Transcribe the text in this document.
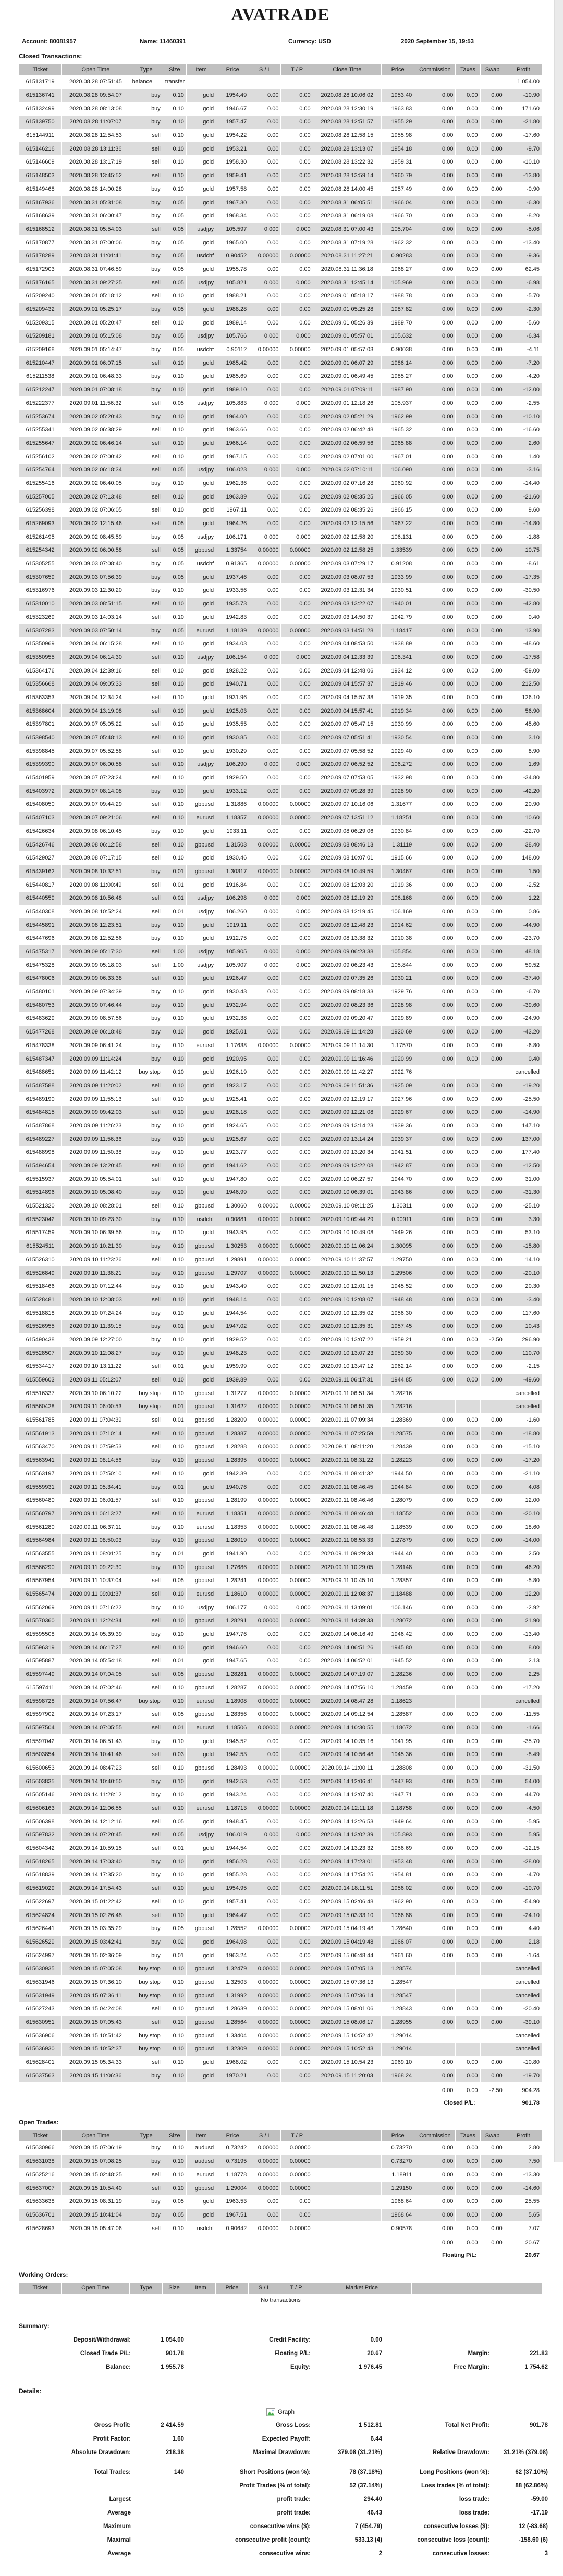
AVATRADE
Account: 80081957	Name: 11460391	Currency: USD	2020 September 15, 19:53
Closed Transactions:
Ticket	Open Time	Type	Size	Item	Price	S / L	T / P	Close Time	Price	Commission	Taxes	Swap	Profit
615131719	2020.08.28 07:51:45	balance	transfer										1 054.00
615136741	2020.08.28 09:54:07	buy	0.10	gold	1954.49	0.00	0.00	2020.08.28 10:06:02	1953.40	0.00	0.00	0.00	-10.90
615132499	2020.08.28 08:13:08	buy	0.10	gold	1946.67	0.00	0.00	2020.08.28 12:30:19	1963.83	0.00	0.00	0.00	171.60
615139750	2020.08.28 11:07:07	buy	0.10	gold	1957.47	0.00	0.00	2020.08.28 12:51:57	1955.29	0.00	0.00	0.00	-21.80
615144911	2020.08.28 12:54:53	sell	0.10	gold	1954.22	0.00	0.00	2020.08.28 12:58:15	1955.98	0.00	0.00	0.00	-17.60
615146216	2020.08.28 13:11:36	sell	0.10	gold	1953.21	0.00	0.00	2020.08.28 13:13:07	1954.18	0.00	0.00	0.00	-9.70
615146609	2020.08.28 13:17:19	sell	0.10	gold	1958.30	0.00	0.00	2020.08.28 13:22:32	1959.31	0.00	0.00	0.00	-10.10
615148503	2020.08.28 13:45:52	sell	0.10	gold	1959.41	0.00	0.00	2020.08.28 13:59:14	1960.79	0.00	0.00	0.00	-13.80
615149468	2020.08.28 14:00:28	buy	0.10	gold	1957.58	0.00	0.00	2020.08.28 14:00:45	1957.49	0.00	0.00	0.00	-0.90
615167936	2020.08.31 05:31:08	buy	0.05	gold	1967.30	0.00	0.00	2020.08.31 06:05:51	1966.04	0.00	0.00	0.00	-6.30
615168639	2020.08.31 06:00:47	buy	0.05	gold	1968.34	0.00	0.00	2020.08.31 06:19:08	1966.70	0.00	0.00	0.00	-8.20
615168512	2020.08.31 05:54:03	sell	0.05	usdjpy	105.597	0.000	0.000	2020.08.31 07:00:43	105.704	0.00	0.00	0.00	-5.06
615170877	2020.08.31 07:00:06	buy	0.05	gold	1965.00	0.00	0.00	2020.08.31 07:19:28	1962.32	0.00	0.00	0.00	-13.40
615178289	2020.08.31 11:01:41	buy	0.05	usdchf	0.90452	0.00000	0.00000	2020.08.31 11:27:21	0.90283	0.00	0.00	0.00	-9.36
615172903	2020.08.31 07:46:59	buy	0.05	gold	1955.78	0.00	0.00	2020.08.31 11:36:18	1968.27	0.00	0.00	0.00	62.45
615176165	2020.08.31 09:27:25	sell	0.05	usdjpy	105.821	0.000	0.000	2020.08.31 12:45:14	105.969	0.00	0.00	0.00	-6.98
615209240	2020.09.01 05:18:12	sell	0.10	gold	1988.21	0.00	0.00	2020.09.01 05:18:17	1988.78	0.00	0.00	0.00	-5.70
615209432	2020.09.01 05:25:17	buy	0.05	gold	1988.28	0.00	0.00	2020.09.01 05:25:28	1987.82	0.00	0.00	0.00	-2.30
615209315	2020.09.01 05:20:47	sell	0.10	gold	1989.14	0.00	0.00	2020.09.01 05:26:39	1989.70	0.00	0.00	0.00	-5.60
615209181	2020.09.01 05:15:08	buy	0.05	usdjpy	105.766	0.000	0.000	2020.09.01 05:57:01	105.632	0.00	0.00	0.00	-6.34
615209168	2020.09.01 05:14:47	buy	0.05	usdchf	0.90112	0.00000	0.00000	2020.09.01 05:57:03	0.90038	0.00	0.00	0.00	-4.11
615210447	2020.09.01 06:07:15	sell	0.10	gold	1985.42	0.00	0.00	2020.09.01 06:07:29	1986.14	0.00	0.00	0.00	-7.20
615211538	2020.09.01 06:48:33	buy	0.10	gold	1985.69	0.00	0.00	2020.09.01 06:49:45	1985.27	0.00	0.00	0.00	-4.20
615212247	2020.09.01 07:08:18	buy	0.10	gold	1989.10	0.00	0.00	2020.09.01 07:09:11	1987.90	0.00	0.00	0.00	-12.00
615222377	2020.09.01 11:56:32	sell	0.05	usdjpy	105.883	0.000	0.000	2020.09.01 12:18:26	105.937	0.00	0.00	0.00	-2.55
615253674	2020.09.02 05:20:43	buy	0.10	gold	1964.00	0.00	0.00	2020.09.02 05:21:29	1962.99	0.00	0.00	0.00	-10.10
615255341	2020.09.02 06:38:29	sell	0.10	gold	1963.66	0.00	0.00	2020.09.02 06:42:48	1965.32	0.00	0.00	0.00	-16.60
615255647	2020.09.02 06:46:14	sell	0.10	gold	1966.14	0.00	0.00	2020.09.02 06:59:56	1965.88	0.00	0.00	0.00	2.60
615256102	2020.09.02 07:00:42	sell	0.10	gold	1967.15	0.00	0.00	2020.09.02 07:01:00	1967.01	0.00	0.00	0.00	1.40
615254764	2020.09.02 06:18:34	sell	0.05	usdjpy	106.023	0.000	0.000	2020.09.02 07:10:11	106.090	0.00	0.00	0.00	-3.16
615255416	2020.09.02 06:40:05	buy	0.10	gold	1962.36	0.00	0.00	2020.09.02 07:16:28	1960.92	0.00	0.00	0.00	-14.40
615257005	2020.09.02 07:13:48	sell	0.10	gold	1963.89	0.00	0.00	2020.09.02 08:35:25	1966.05	0.00	0.00	0.00	-21.60
615256398	2020.09.02 07:06:05	sell	0.10	gold	1967.11	0.00	0.00	2020.09.02 08:35:26	1966.15	0.00	0.00	0.00	9.60
615269093	2020.09.02 12:15:46	sell	0.05	gold	1964.26	0.00	0.00	2020.09.02 12:15:56	1967.22	0.00	0.00	0.00	-14.80
615261495	2020.09.02 08:45:59	buy	0.05	usdjpy	106.171	0.000	0.000	2020.09.02 12:58:20	106.131	0.00	0.00	0.00	-1.88
615254342	2020.09.02 06:00:58	sell	0.05	gbpusd	1.33754	0.00000	0.00000	2020.09.02 12:58:25	1.33539	0.00	0.00	0.00	10.75
615305255	2020.09.03 07:08:40	buy	0.05	usdchf	0.91365	0.00000	0.00000	2020.09.03 07:29:17	0.91208	0.00	0.00	0.00	-8.61
615307659	2020.09.03 07:56:39	buy	0.05	gold	1937.46	0.00	0.00	2020.09.03 08:07:53	1933.99	0.00	0.00	0.00	-17.35
615316976	2020.09.03 12:30:20	buy	0.10	gold	1933.56	0.00	0.00	2020.09.03 12:31:34	1930.51	0.00	0.00	0.00	-30.50
615310010	2020.09.03 08:51:15	sell	0.10	gold	1935.73	0.00	0.00	2020.09.03 13:22:07	1940.01	0.00	0.00	0.00	-42.80
615323269	2020.09.03 14:03:14	sell	0.10	gold	1942.83	0.00	0.00	2020.09.03 14:50:37	1942.79	0.00	0.00	0.00	0.40
615307283	2020.09.03 07:50:14	buy	0.05	eurusd	1.18139	0.00000	0.00000	2020.09.03 14:51:28	1.18417	0.00	0.00	0.00	13.90
615350969	2020.09.04 06:15:28	sell	0.10	gold	1934.03	0.00	0.00	2020.09.04 08:53:50	1938.89	0.00	0.00	0.00	-48.60
615350955	2020.09.04 06:14:30	sell	0.10	usdjpy	106.154	0.000	0.000	2020.09.04 12:33:39	106.341	0.00	0.00	0.00	-17.58
615364176	2020.09.04 12:39:16	sell	0.10	gold	1928.22	0.00	0.00	2020.09.04 12:48:06	1934.12	0.00	0.00	0.00	-59.00
615356668	2020.09.04 09:05:33	sell	0.10	gold	1940.71	0.00	0.00	2020.09.04 15:57:37	1919.46	0.00	0.00	0.00	212.50
615363353	2020.09.04 12:34:24	sell	0.10	gold	1931.96	0.00	0.00	2020.09.04 15:57:38	1919.35	0.00	0.00	0.00	126.10
615368604	2020.09.04 13:19:08	sell	0.10	gold	1925.03	0.00	0.00	2020.09.04 15:57:41	1919.34	0.00	0.00	0.00	56.90
615397801	2020.09.07 05:05:22	sell	0.10	gold	1935.55	0.00	0.00	2020.09.07 05:47:15	1930.99	0.00	0.00	0.00	45.60
615398540	2020.09.07 05:48:13	sell	0.10	gold	1930.85	0.00	0.00	2020.09.07 05:51:41	1930.54	0.00	0.00	0.00	3.10
615398845	2020.09.07 05:52:58	sell	0.10	gold	1930.29	0.00	0.00	2020.09.07 05:58:52	1929.40	0.00	0.00	0.00	8.90
615399390	2020.09.07 06:00:58	sell	0.10	usdjpy	106.290	0.000	0.000	2020.09.07 06:52:52	106.272	0.00	0.00	0.00	1.69
615401959	2020.09.07 07:23:24	sell	0.10	gold	1929.50	0.00	0.00	2020.09.07 07:53:05	1932.98	0.00	0.00	0.00	-34.80
615403972	2020.09.07 08:14:08	buy	0.10	gold	1933.12	0.00	0.00	2020.09.07 09:28:39	1928.90	0.00	0.00	0.00	-42.20
615408050	2020.09.07 09:44:29	sell	0.10	gbpusd	1.31886	0.00000	0.00000	2020.09.07 10:16:06	1.31677	0.00	0.00	0.00	20.90
615407103	2020.09.07 09:21:06	sell	0.10	eurusd	1.18357	0.00000	0.00000	2020.09.07 13:51:12	1.18251	0.00	0.00	0.00	10.60
615426634	2020.09.08 06:10:45	buy	0.10	gold	1933.11	0.00	0.00	2020.09.08 06:29:06	1930.84	0.00	0.00	0.00	-22.70
615426746	2020.09.08 06:12:58	sell	0.10	gbpusd	1.31503	0.00000	0.00000	2020.09.08 08:46:13	1.31119	0.00	0.00	0.00	38.40
615429027	2020.09.08 07:17:15	sell	0.10	gold	1930.46	0.00	0.00	2020.09.08 10:07:01	1915.66	0.00	0.00	0.00	148.00
615439162	2020.09.08 10:32:51	buy	0.01	gbpusd	1.30317	0.00000	0.00000	2020.09.08 10:49:59	1.30467	0.00	0.00	0.00	1.50
615440817	2020.09.08 11:00:49	sell	0.01	gold	1916.84	0.00	0.00	2020.09.08 12:03:20	1919.36	0.00	0.00	0.00	-2.52
615440559	2020.09.08 10:56:48	sell	0.01	usdjpy	106.298	0.000	0.000	2020.09.08 12:19:29	106.168	0.00	0.00	0.00	1.22
615440308	2020.09.08 10:52:24	sell	0.01	usdjpy	106.260	0.000	0.000	2020.09.08 12:19:45	106.169	0.00	0.00	0.00	0.86
615445891	2020.09.08 12:23:51	buy	0.10	gold	1919.11	0.00	0.00	2020.09.08 12:48:23	1914.62	0.00	0.00	0.00	-44.90
615447696	2020.09.08 12:52:56	buy	0.10	gold	1912.75	0.00	0.00	2020.09.08 13:38:32	1910.38	0.00	0.00	0.00	-23.70
615475317	2020.09.09 05:17:30	sell	1.00	usdjpy	105.905	0.000	0.000	2020.09.09 06:23:38	105.854	0.00	0.00	0.00	48.18
615475328	2020.09.09 05:18:03	sell	1.00	usdjpy	105.907	0.000	0.000	2020.09.09 06:23:43	105.844	0.00	0.00	0.00	59.52
615478006	2020.09.09 06:33:38	sell	0.10	gold	1926.47	0.00	0.00	2020.09.09 07:35:26	1930.21	0.00	0.00	0.00	-37.40
615480101	2020.09.09 07:34:39	buy	0.10	gold	1930.43	0.00	0.00	2020.09.09 08:18:33	1929.76	0.00	0.00	0.00	-6.70
615480753	2020.09.09 07:46:44	buy	0.10	gold	1932.94	0.00	0.00	2020.09.09 08:23:36	1928.98	0.00	0.00	0.00	-39.60
615483629	2020.09.09 08:57:56	buy	0.10	gold	1932.38	0.00	0.00	2020.09.09 09:20:47	1929.89	0.00	0.00	0.00	-24.90
615477268	2020.09.09 06:18:48	buy	0.10	gold	1925.01	0.00	0.00	2020.09.09 11:14:28	1920.69	0.00	0.00	0.00	-43.20
615478338	2020.09.09 06:41:24	buy	0.10	eurusd	1.17638	0.00000	0.00000	2020.09.09 11:14:30	1.17570	0.00	0.00	0.00	-6.80
615487347	2020.09.09 11:14:24	buy	0.10	gold	1920.95	0.00	0.00	2020.09.09 11:16:46	1920.99	0.00	0.00	0.00	0.40
615488651	2020.09.09 11:42:12	buy stop	0.10	gold	1926.19	0.00	0.00	2020.09.09 11:42:27	1922.76				cancelled
615487588	2020.09.09 11:20:02	sell	0.10	gold	1923.17	0.00	0.00	2020.09.09 11:51:36	1925.09	0.00	0.00	0.00	-19.20
615489190	2020.09.09 11:55:13	sell	0.10	gold	1925.41	0.00	0.00	2020.09.09 12:19:17	1927.96	0.00	0.00	0.00	-25.50
615484815	2020.09.09 09:42:03	sell	0.10	gold	1928.18	0.00	0.00	2020.09.09 12:21:08	1929.67	0.00	0.00	0.00	-14.90
615487868	2020.09.09 11:26:23	buy	0.10	gold	1924.65	0.00	0.00	2020.09.09 13:14:23	1939.36	0.00	0.00	0.00	147.10
615489227	2020.09.09 11:56:36	buy	0.10	gold	1925.67	0.00	0.00	2020.09.09 13:14:24	1939.37	0.00	0.00	0.00	137.00
615488998	2020.09.09 11:50:38	buy	0.10	gold	1923.77	0.00	0.00	2020.09.09 13:20:34	1941.51	0.00	0.00	0.00	177.40
615494654	2020.09.09 13:20:45	sell	0.10	gold	1941.62	0.00	0.00	2020.09.09 13:22:08	1942.87	0.00	0.00	0.00	-12.50
615515937	2020.09.10 05:54:01	sell	0.10	gold	1947.80	0.00	0.00	2020.09.10 06:27:57	1944.70	0.00	0.00	0.00	31.00
615514896	2020.09.10 05:08:40	buy	0.10	gold	1946.99	0.00	0.00	2020.09.10 06:39:01	1943.86	0.00	0.00	0.00	-31.30
615521320	2020.09.10 08:28:01	sell	0.10	gbpusd	1.30060	0.00000	0.00000	2020.09.10 09:11:25	1.30311	0.00	0.00	0.00	-25.10
615523042	2020.09.10 09:23:30	buy	0.10	usdchf	0.90881	0.00000	0.00000	2020.09.10 09:44:29	0.90911	0.00	0.00	0.00	3.30
615517459	2020.09.10 06:39:56	buy	0.10	gold	1943.95	0.00	0.00	2020.09.10 10:49:08	1949.26	0.00	0.00	0.00	53.10
615524511	2020.09.10 10:21:30	buy	0.10	gbpusd	1.30253	0.00000	0.00000	2020.09.10 11:06:24	1.30095	0.00	0.00	0.00	-15.80
615526310	2020.09.10 11:23:26	sell	0.10	gbpusd	1.29891	0.00000	0.00000	2020.09.10 11:37:57	1.29750	0.00	0.00	0.00	14.10
615526849	2020.09.10 11:38:21	buy	0.10	gbpusd	1.29707	0.00000	0.00000	2020.09.10 11:50:13	1.29506	0.00	0.00	0.00	-20.10
615518466	2020.09.10 07:12:44	buy	0.10	gold	1943.49	0.00	0.00	2020.09.10 12:01:15	1945.52	0.00	0.00	0.00	20.30
615528481	2020.09.10 12:08:03	sell	0.10	gold	1948.14	0.00	0.00	2020.09.10 12:08:07	1948.48	0.00	0.00	0.00	-3.40
615518818	2020.09.10 07:24:24	buy	0.10	gold	1944.54	0.00	0.00	2020.09.10 12:35:02	1956.30	0.00	0.00	0.00	117.60
615526955	2020.09.10 11:39:15	buy	0.01	gold	1947.02	0.00	0.00	2020.09.10 12:35:31	1957.45	0.00	0.00	0.00	10.43
615490438	2020.09.09 12:27:00	buy	0.10	gold	1929.52	0.00	0.00	2020.09.10 13:07:22	1959.21	0.00	0.00	-2.50	296.90
615528507	2020.09.10 12:08:27	buy	0.10	gold	1948.23	0.00	0.00	2020.09.10 13:07:23	1959.30	0.00	0.00	0.00	110.70
615534417	2020.09.10 13:11:22	sell	0.01	gold	1959.99	0.00	0.00	2020.09.10 13:47:12	1962.14	0.00	0.00	0.00	-2.15
615559603	2020.09.11 05:12:07	sell	0.10	gold	1939.89	0.00	0.00	2020.09.11 06:17:31	1944.85	0.00	0.00	0.00	-49.60
615516337	2020.09.10 06:10:22	buy stop	0.10	gbpusd	1.31277	0.00000	0.00000	2020.09.11 06:51:34	1.28216				cancelled
615560428	2020.09.11 06:00:53	buy stop	0.01	gbpusd	1.31622	0.00000	0.00000	2020.09.11 06:51:35	1.28216				cancelled
615561785	2020.09.11 07:04:39	sell	0.01	gbpusd	1.28209	0.00000	0.00000	2020.09.11 07:09:34	1.28369	0.00	0.00	0.00	-1.60
615561913	2020.09.11 07:10:14	sell	0.10	gbpusd	1.28387	0.00000	0.00000	2020.09.11 07:25:59	1.28575	0.00	0.00	0.00	-18.80
615563470	2020.09.11 07:59:53	sell	0.10	gbpusd	1.28288	0.00000	0.00000	2020.09.11 08:11:20	1.28439	0.00	0.00	0.00	-15.10
615563941	2020.09.11 08:14:56	buy	0.10	gbpusd	1.28395	0.00000	0.00000	2020.09.11 08:31:22	1.28223	0.00	0.00	0.00	-17.20
615563197	2020.09.11 07:50:10	sell	0.10	gold	1942.39	0.00	0.00	2020.09.11 08:41:32	1944.50	0.00	0.00	0.00	-21.10
615559931	2020.09.11 05:34:41	buy	0.01	gold	1940.76	0.00	0.00	2020.09.11 08:46:45	1944.84	0.00	0.00	0.00	4.08
615560480	2020.09.11 06:01:57	sell	0.10	gbpusd	1.28199	0.00000	0.00000	2020.09.11 08:46:46	1.28079	0.00	0.00	0.00	12.00
615560797	2020.09.11 06:13:27	sell	0.10	eurusd	1.18351	0.00000	0.00000	2020.09.11 08:46:48	1.18552	0.00	0.00	0.00	-20.10
615561280	2020.09.11 06:37:11	buy	0.10	eurusd	1.18353	0.00000	0.00000	2020.09.11 08:46:48	1.18539	0.00	0.00	0.00	18.60
615564984	2020.09.11 08:50:03	buy	0.10	gbpusd	1.28019	0.00000	0.00000	2020.09.11 08:53:33	1.27879	0.00	0.00	0.00	-14.00
615563555	2020.09.11 08:01:25	buy	0.01	gold	1941.90	0.00	0.00	2020.09.11 09:29:33	1944.40	0.00	0.00	0.00	2.50
615566290	2020.09.11 09:22:30	buy	0.10	gbpusd	1.27686	0.00000	0.00000	2020.09.11 10:29:05	1.28148	0.00	0.00	0.00	46.20
615567954	2020.09.11 10:37:04	sell	0.05	gbpusd	1.28241	0.00000	0.00000	2020.09.11 10:45:10	1.28357	0.00	0.00	0.00	-5.80
615565474	2020.09.11 09:01:37	sell	0.10	eurusd	1.18610	0.00000	0.00000	2020.09.11 12:08:37	1.18488	0.00	0.00	0.00	12.20
615562069	2020.09.11 07:16:22	buy	0.10	usdjpy	106.177	0.000	0.000	2020.09.11 13:09:01	106.146	0.00	0.00	0.00	-2.92
615570360	2020.09.11 12:24:34	sell	0.10	gbpusd	1.28291	0.00000	0.00000	2020.09.11 14:39:33	1.28072	0.00	0.00	0.00	21.90
615595508	2020.09.14 05:39:39	buy	0.10	gold	1947.76	0.00	0.00	2020.09.14 06:16:49	1946.42	0.00	0.00	0.00	-13.40
615596319	2020.09.14 06:17:27	sell	0.10	gold	1946.60	0.00	0.00	2020.09.14 06:51:26	1945.80	0.00	0.00	0.00	8.00
615595887	2020.09.14 05:54:18	sell	0.01	gold	1947.65	0.00	0.00	2020.09.14 06:52:01	1945.52	0.00	0.00	0.00	2.13
615597449	2020.09.14 07:04:05	sell	0.05	gbpusd	1.28281	0.00000	0.00000	2020.09.14 07:19:07	1.28236	0.00	0.00	0.00	2.25
615597411	2020.09.14 07:02:46	sell	0.10	gbpusd	1.28287	0.00000	0.00000	2020.09.14 07:56:10	1.28459	0.00	0.00	0.00	-17.20
615598728	2020.09.14 07:56:47	buy stop	0.10	eurusd	1.18908	0.00000	0.00000	2020.09.14 08:47:28	1.18623				cancelled
615597902	2020.09.14 07:23:17	sell	0.05	gbpusd	1.28356	0.00000	0.00000	2020.09.14 09:12:54	1.28587	0.00	0.00	0.00	-11.55
615597504	2020.09.14 07:05:55	sell	0.01	eurusd	1.18506	0.00000	0.00000	2020.09.14 10:30:55	1.18672	0.00	0.00	0.00	-1.66
615597042	2020.09.14 06:51:43	buy	0.10	gold	1945.52	0.00	0.00	2020.09.14 10:35:16	1941.95	0.00	0.00	0.00	-35.70
615603854	2020.09.14 10:41:46	sell	0.03	gold	1942.53	0.00	0.00	2020.09.14 10:56:48	1945.36	0.00	0.00	0.00	-8.49
615600653	2020.09.14 08:47:23	sell	0.10	gbpusd	1.28493	0.00000	0.00000	2020.09.14 11:00:11	1.28808	0.00	0.00	0.00	-31.50
615603835	2020.09.14 10:40:50	buy	0.10	gold	1942.53	0.00	0.00	2020.09.14 12:06:41	1947.93	0.00	0.00	0.00	54.00
615605146	2020.09.14 11:28:12	buy	0.10	gold	1943.24	0.00	0.00	2020.09.14 12:07:40	1947.71	0.00	0.00	0.00	44.70
615606163	2020.09.14 12:06:55	sell	0.10	eurusd	1.18713	0.00000	0.00000	2020.09.14 12:11:18	1.18758	0.00	0.00	0.00	-4.50
615606398	2020.09.14 12:12:16	sell	0.05	gold	1948.45	0.00	0.00	2020.09.14 12:26:53	1949.64	0.00	0.00	0.00	-5.95
615597832	2020.09.14 07:20:45	sell	0.05	usdjpy	106.019	0.000	0.000	2020.09.14 13:02:39	105.893	0.00	0.00	0.00	5.95
615604342	2020.09.14 10:59:15	sell	0.01	gold	1944.54	0.00	0.00	2020.09.14 13:23:32	1956.69	0.00	0.00	0.00	-12.15
615618265	2020.09.14 17:03:40	buy	0.10	gold	1956.28	0.00	0.00	2020.09.14 17:23:01	1953.48	0.00	0.00	0.00	-28.00
615618839	2020.09.14 17:35:20	buy	0.10	gold	1955.28	0.00	0.00	2020.09.14 17:54:25	1954.81	0.00	0.00	0.00	-4.70
615619029	2020.09.14 17:54:43	sell	0.10	gold	1954.95	0.00	0.00	2020.09.14 18:11:51	1956.02	0.00	0.00	0.00	-10.70
615622697	2020.09.15 01:22:42	sell	0.10	gold	1957.41	0.00	0.00	2020.09.15 02:06:48	1962.90	0.00	0.00	0.00	-54.90
615624824	2020.09.15 02:26:48	sell	0.10	gold	1964.47	0.00	0.00	2020.09.15 03:33:10	1966.88	0.00	0.00	0.00	-24.10
615626441	2020.09.15 03:35:29	buy	0.05	gbpusd	1.28552	0.00000	0.00000	2020.09.15 04:19:48	1.28640	0.00	0.00	0.00	4.40
615626529	2020.09.15 03:42:41	buy	0.02	gold	1964.98	0.00	0.00	2020.09.15 04:19:48	1966.07	0.00	0.00	0.00	2.18
615624997	2020.09.15 02:36:09	buy	0.01	gold	1963.24	0.00	0.00	2020.09.15 06:48:44	1961.60	0.00	0.00	0.00	-1.64
615630935	2020.09.15 07:05:08	buy stop	0.10	gbpusd	1.32479	0.00000	0.00000	2020.09.15 07:05:13	1.28574				cancelled
615631946	2020.09.15 07:36:10	buy stop	0.10	gbpusd	1.32503	0.00000	0.00000	2020.09.15 07:36:13	1.28547				cancelled
615631949	2020.09.15 07:36:11	buy stop	0.10	gbpusd	1.31992	0.00000	0.00000	2020.09.15 07:36:14	1.28547				cancelled
615627243	2020.09.15 04:24:08	sell	0.10	gbpusd	1.28639	0.00000	0.00000	2020.09.15 08:01:06	1.28843	0.00	0.00	0.00	-20.40
615630951	2020.09.15 07:05:43	sell	0.10	gbpusd	1.28564	0.00000	0.00000	2020.09.15 08:06:17	1.28955	0.00	0.00	0.00	-39.10
615636906	2020.09.15 10:51:42	buy stop	0.10	gbpusd	1.33404	0.00000	0.00000	2020.09.15 10:52:42	1.29014				cancelled
615636930	2020.09.15 10:52:37	buy stop	0.10	gbpusd	1.32309	0.00000	0.00000	2020.09.15 10:52:43	1.29014				cancelled
615628401	2020.09.15 05:34:33	sell	0.10	gold	1968.02	0.00	0.00	2020.09.15 10:54:23	1969.10	0.00	0.00	0.00	-10.80
615637563	2020.09.15 11:06:36	buy	0.10	gold	1970.21	0.00	0.00	2020.09.15 11:20:03	1968.24	0.00	0.00	0.00	-19.70
	0.00	0.00	-2.50	904.28
	Closed P/L:			901.78
Open Trades:
Ticket	Open Time	Type	Size	Item	Price	S / L	T / P		Price	Commission	Taxes	Swap	Profit
615630966	2020.09.15 07:06:19	buy	0.10	audusd	0.73242	0.00000	0.00000		0.73270	0.00	0.00	0.00	2.80
615631038	2020.09.15 07:08:25	buy	0.10	audusd	0.73195	0.00000	0.00000		0.73270	0.00	0.00	0.00	7.50
615625216	2020.09.15 02:48:25	sell	0.10	eurusd	1.18778	0.00000	0.00000		1.18911	0.00	0.00	0.00	-13.30
615637007	2020.09.15 10:54:40	sell	0.10	gbpusd	1.29004	0.00000	0.00000		1.29150	0.00	0.00	0.00	-14.60
615633638	2020.09.15 08:31:19	buy	0.05	gold	1963.53	0.00	0.00		1968.64	0.00	0.00	0.00	25.55
615636701	2020.09.15 10:41:04	buy	0.05	gold	1967.51	0.00	0.00		1968.64	0.00	0.00	0.00	5.65
615628693	2020.09.15 05:47:06	sell	0.10	usdchf	0.90642	0.00000	0.00000		0.90578	0.00	0.00	0.00	7.07
	0.00	0.00	0.00	20.67
	Floating P/L:			20.67
Working Orders:
Ticket	Open Time	Type	Size	Item	Price	S / L	T / P	Market Price	
No transactions
Summary:
Deposit/Withdrawal:	1 054.00	Credit Facility:	0.00
Closed Trade P/L:	901.78	Floating P/L:	20.67	Margin:	221.83
Balance:	1 955.78	Equity:	1 976.45	Free Margin:	1 754.62
Details:
Graph
Gross Profit:	2 414.59	Gross Loss:	1 512.81	Total Net Profit:	901.78
Profit Factor:	1.60	Expected Payoff:	6.44
Absolute Drawdown:	218.38	Maximal Drawdown:	379.08 (31.21%)	Relative Drawdown:	31.21% (379.08)
Total Trades:	140	Short Positions (won %):	78 (37.18%)	Long Positions (won %):	62 (37.10%)
Profit Trades (% of total):	52 (37.14%)	Loss trades (% of total):	88 (62.86%)
Largest	profit trade:	294.40	loss trade:	-59.00
Average	profit trade:	46.43	loss trade:	-17.19
Maximum	consecutive wins ($):	7 (454.79)	consecutive losses ($):	12 (-83.68)
Maximal	consecutive profit (count):	533.13 (4)	consecutive loss (count):	-158.60 (6)
Average	consecutive wins:	2	consecutive losses:	3
